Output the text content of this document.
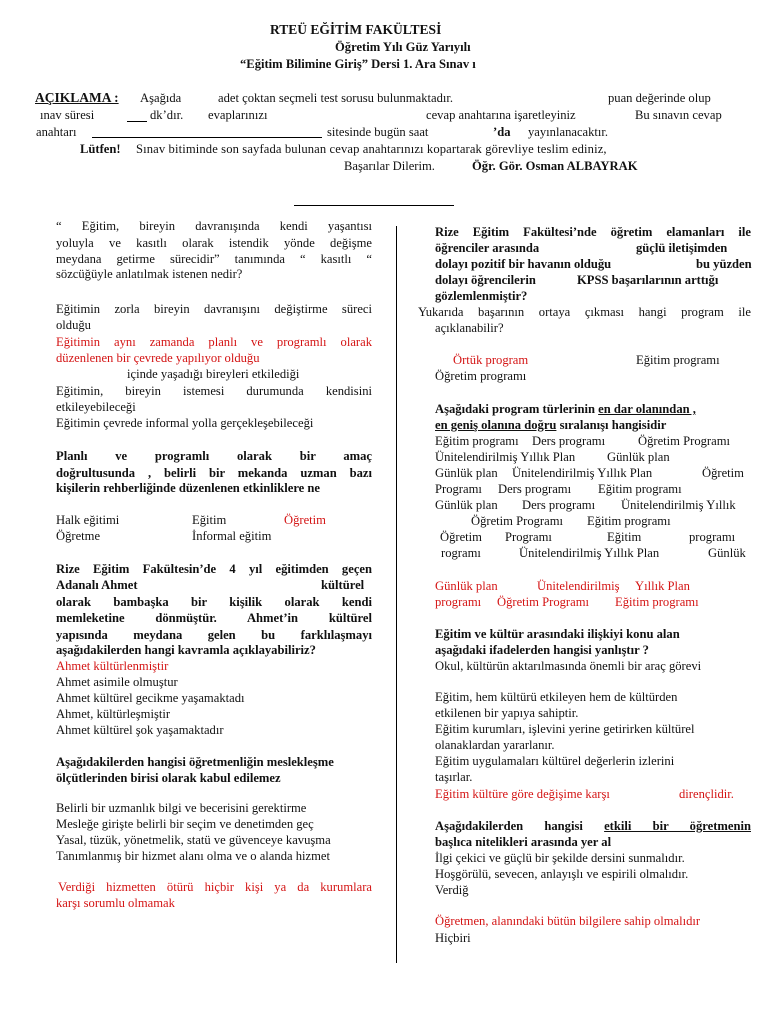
RTEÜ EĞİTİM FAKÜLTESİ
Öğretim Yılı Güz Yarıyılı
“Eğitim Bilimine Giriş” Dersi 1. Ara Sınav ı
AÇIKLAMA : Aşağıda	adet çoktan seçmeli test sorusu bulunmaktadır.	puan değerinde olup
ınav süresi	dk’dır. evaplarınızı	cevap anahtarına işaretleyiniz	Bu sınavın cevap
anahtarı	sitesinde bugün saat	’da yayınlanacaktır.
Lütfen! Sınav bitiminde son sayfada bulunan cevap anahtarınızı kopartarak görevliye teslim ediniz,
Başarılar Dilerim.	Öğr. Gör. Osman ALBAYRAK

“ Eğitim, bireyin davranışında kendi yaşantısı

yoluyla ve kasıtlı olarak istendik yönde değişme

meydana getirme sürecidir” tanımında “ kasıtlı “

sözcüğüyle anlatılmak istenen nedir?
Eğitimin zorla bireyin davranışını değiştirme süreci
olduğu
Eğitimin aynı zamanda planlı ve programlı olarak
düzenlenen bir çevrede yapılıyor olduğu
içinde yaşadığı bireyleri etkilediği
Eğitimin, bireyin istemesi durumunda kendisini
etkileyebileceği
Eğitimin çevrede informal yolla gerçekleşebileceği

Planlı ve programlı olarak bir amaç

doğrultusunda , belirli bir mekanda uzman bazı

kişilerin rehberliğinde düzenlenen etkinliklere ne
Halk eğitimi	Eğitim	Öğretim
Öğretme	İnformal eğitim
Rize Eğitim Fakültesin’de 4 yıl eğitimden geçen
Adanalı Ahmet	kültürel

olarak bambaşka bir kişilik olarak kendi

memleketine dönmüştür. Ahmet’in kültürel

yapısında meydana gelen bu farklılaşmayı

aşağıdakilerden hangi kavramla açıklayabiliriz?
Ahmet kültürlenmiştir
Ahmet asimile olmuştur
Ahmet kültürel gecikme yaşamaktadı
Ahmet, kültürleşmiştir
Ahmet kültürel şok yaşamaktadır
Aşağıdakilerden hangisi öğretmenliğin meslekleşme
ölçütlerinden birisi olarak kabul edilemez
Belirli bir uzmanlık bilgi ve becerisini gerektirme
Mesleğe girişte belirli bir seçim ve denetimden geç
Yasal, tüzük, yönetmelik, statü ve güvenceye kavuşma
Tanımlanmış bir hizmet alanı olma ve o alanda hizmet
Verdiği hizmetten ötürü hiçbir kişi ya da kurumlara
karşı sorumlu olmamak
Rize Eğitim Fakültesi’nde öğretim elamanları ile
öğrenciler arasında	güçlü iletişimden
dolayı pozitif bir havanın olduğu	bu yüzden
dolayı öğrencilerin	KPSS başarılarının arttığı
gözlemlenmiştir?
Yukarıda başarının ortaya çıkması hangi program ile
açıklanabilir?
Örtük program	Eğitim programı
Öğretim programı
Aşağıdaki program türlerinin en dar olanından ,
en geniş olanına doğru sıralanışı hangisidir
Eğitim programı Ders programı	Öğretim Programı
Ünitelendirilmiş Yıllık Plan	Günlük plan
Günlük plan Ünitelendirilmiş Yıllık Plan	Öğretim
Programı Ders programı Eğitim programı
Günlük plan Ders programı Ünitelendirilmiş Yıllık
Öğretim Programı Eğitim programı
Öğretim Programı	Eğitim	programı
rogramı	Ünitelendirilmiş Yıllık Plan	Günlük
Günlük plan	Ünitelendirilmiş Yıllık Plan
programı Öğretim Programı Eğitim programı
Eğitim ve kültür arasındaki ilişkiyi konu alan
aşağıdaki ifadelerden hangisi yanlıştır ?
Okul, kültürün aktarılmasında önemli bir araç görevi
Eğitim, hem kültürü etkileyen hem de kültürden
etkilenen bir yapıya sahiptir.
Eğitim kurumları, işlevini yerine getirirken kültürel
olanaklardan yararlanır.
Eğitim uygulamaları kültürel değerlerin izlerini
taşırlar.
Eğitim kültüre göre değişime karşı	dirençlidir.
Aşağıdakilerden hangisi etkili bir öğretmenin
başlıca nitelikleri arasında yer al
İlgi çekici ve güçlü bir şekilde dersini sunmalıdır.
Hoşgörülü, sevecen, anlayışlı ve espirili olmalıdır.
Verdiğ
Öğretmen, alanındaki bütün bilgilere sahip olmalıdır
Hiçbiri
